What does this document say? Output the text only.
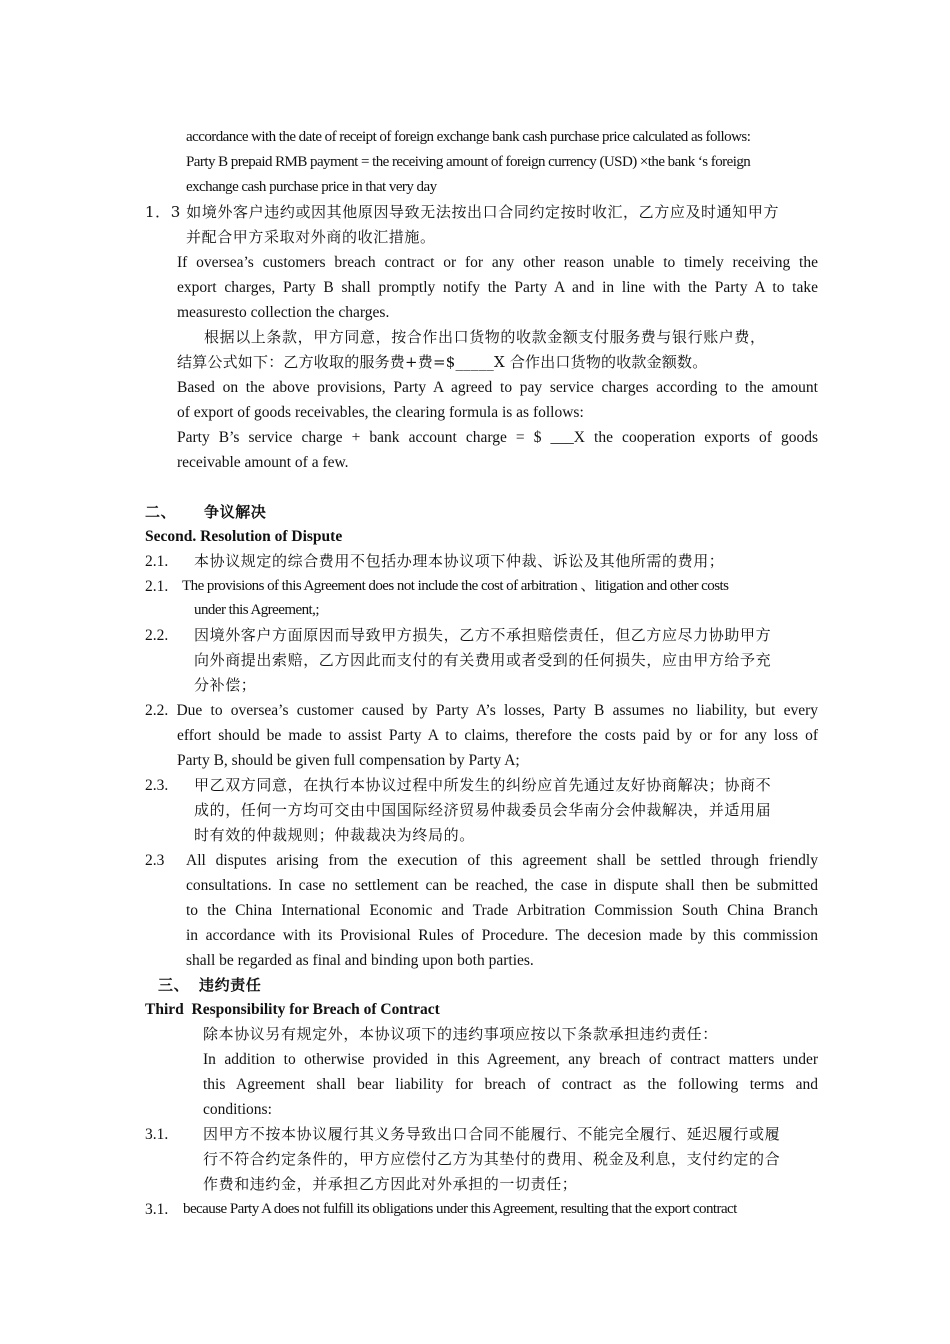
accordance with the date of receipt of foreign exchange bank cash purchase price calculated as follows:
Party B prepaid RMB payment = the receiving amount of foreign currency (USD) ×the bank ‘s foreign
exchange cash purchase price in that very day
1．3 如境外客户违约或因其他原因导致无法按出口合同约定按时收汇，乙方应及时通知甲方
并配合甲方采取对外商的收汇措施。
If oversea’s customers breach contract or for any other reason unable to timely receiving the
export charges, Party B shall promptly notify the Party A and in line with the Party A to take
measuresto collection the charges.
根据以上条款，甲方同意，按合作出口货物的收款金额支付服务费与银行账户费，
结算公式如下：乙方收取的服务费+费=$_____X 合作出口货物的收款金额数。
Based on the above provisions, Party A agreed to pay service charges according to the amount
of export of goods receivables, the clearing formula is as follows:
Party B’s service charge + bank account charge = $ ___X the cooperation exports of goods
receivable amount of a few.
二、 争议解决
Second. Resolution of Dispute
2.1. 本协议规定的综合费用不包括办理本协议项下仲裁、诉讼及其他所需的费用；
2.1. The provisions of this Agreement does not include the cost of arbitration 、litigation and other costs
under this Agreement,;
2.2. 因境外客户方面原因而导致甲方损失，乙方不承担赔偿责任，但乙方应尽力协助甲方
向外商提出索赔，乙方因此而支付的有关费用或者受到的任何损失，应由甲方给予充
分补偿；
2.2. Due to oversea’s customer caused by Party A’s losses, Party B assumes no liability, but every
effort should be made to assist Party A to claims, therefore the costs paid by or for any loss of
Party B, should be given full compensation by Party A;
2.3. 甲乙双方同意，在执行本协议过程中所发生的纠纷应首先通过友好协商解决；协商不
成的，任何一方均可交由中国国际经济贸易仲裁委员会华南分会仲裁解决，并适用届
时有效的仲裁规则；仲裁裁决为终局的。
2.3 All disputes arising from the execution of this agreement shall be settled through friendly
consultations. In case no settlement can be reached, the case in dispute shall then be submitted
to the China International Economic and Trade Arbitration Commission South China Branch
in accordance with its Provisional Rules of Procedure. The decesion made by this commission
shall be regarded as final and binding upon both parties.
三、 违约责任
Third  Responsibility for Breach of Contract
除本协议另有规定外，本协议项下的违约事项应按以下条款承担违约责任：
In addition to otherwise provided in this Agreement, any breach of contract matters under
this Agreement shall bear liability for breach of contract as the following terms and
conditions:
3.1. 因甲方不按本协议履行其义务导致出口合同不能履行、不能完全履行、延迟履行或履
行不符合约定条件的，甲方应偿付乙方为其垫付的费用、税金及利息，支付约定的合
作费和违约金，并承担乙方因此对外承担的一切责任；
3.1. because Party A does not fulfill its obligations under this Agreement, resulting that the export contract
